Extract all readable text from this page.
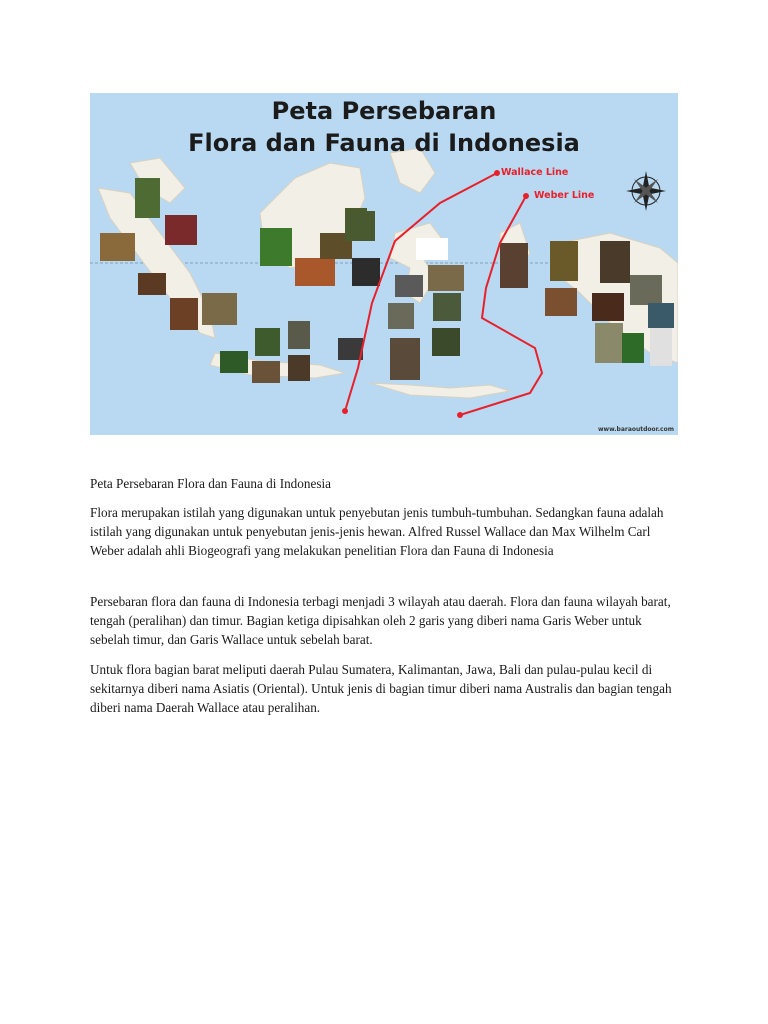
Peta Persebaran
Flora dan Fauna di Indonesia
Wallace Line
Weber Line
www.baraoutdoor.com

Peta Persebaran Flora dan Fauna di Indonesia

Flora merupakan istilah yang digunakan untuk penyebutan jenis tumbuh-tumbuhan. Sedangkan fauna adalah istilah yang digunakan untuk penyebutan jenis-jenis hewan. Alfred Russel Wallace dan Max Wilhelm Carl Weber adalah ahli Biogeografi yang melakukan penelitian Flora dan Fauna di Indonesia

Persebaran flora dan fauna di Indonesia terbagi menjadi 3 wilayah atau daerah. Flora dan fauna wilayah barat, tengah (peralihan) dan timur. Bagian ketiga dipisahkan oleh 2 garis yang diberi nama Garis Weber untuk sebelah timur, dan Garis Wallace untuk sebelah barat.

Untuk flora bagian barat meliputi daerah Pulau Sumatera, Kalimantan, Jawa, Bali dan pulau-pulau kecil di sekitarnya diberi nama Asiatis (Oriental). Untuk jenis di bagian timur diberi nama Australis dan bagian tengah diberi nama Daerah Wallace atau peralihan.
